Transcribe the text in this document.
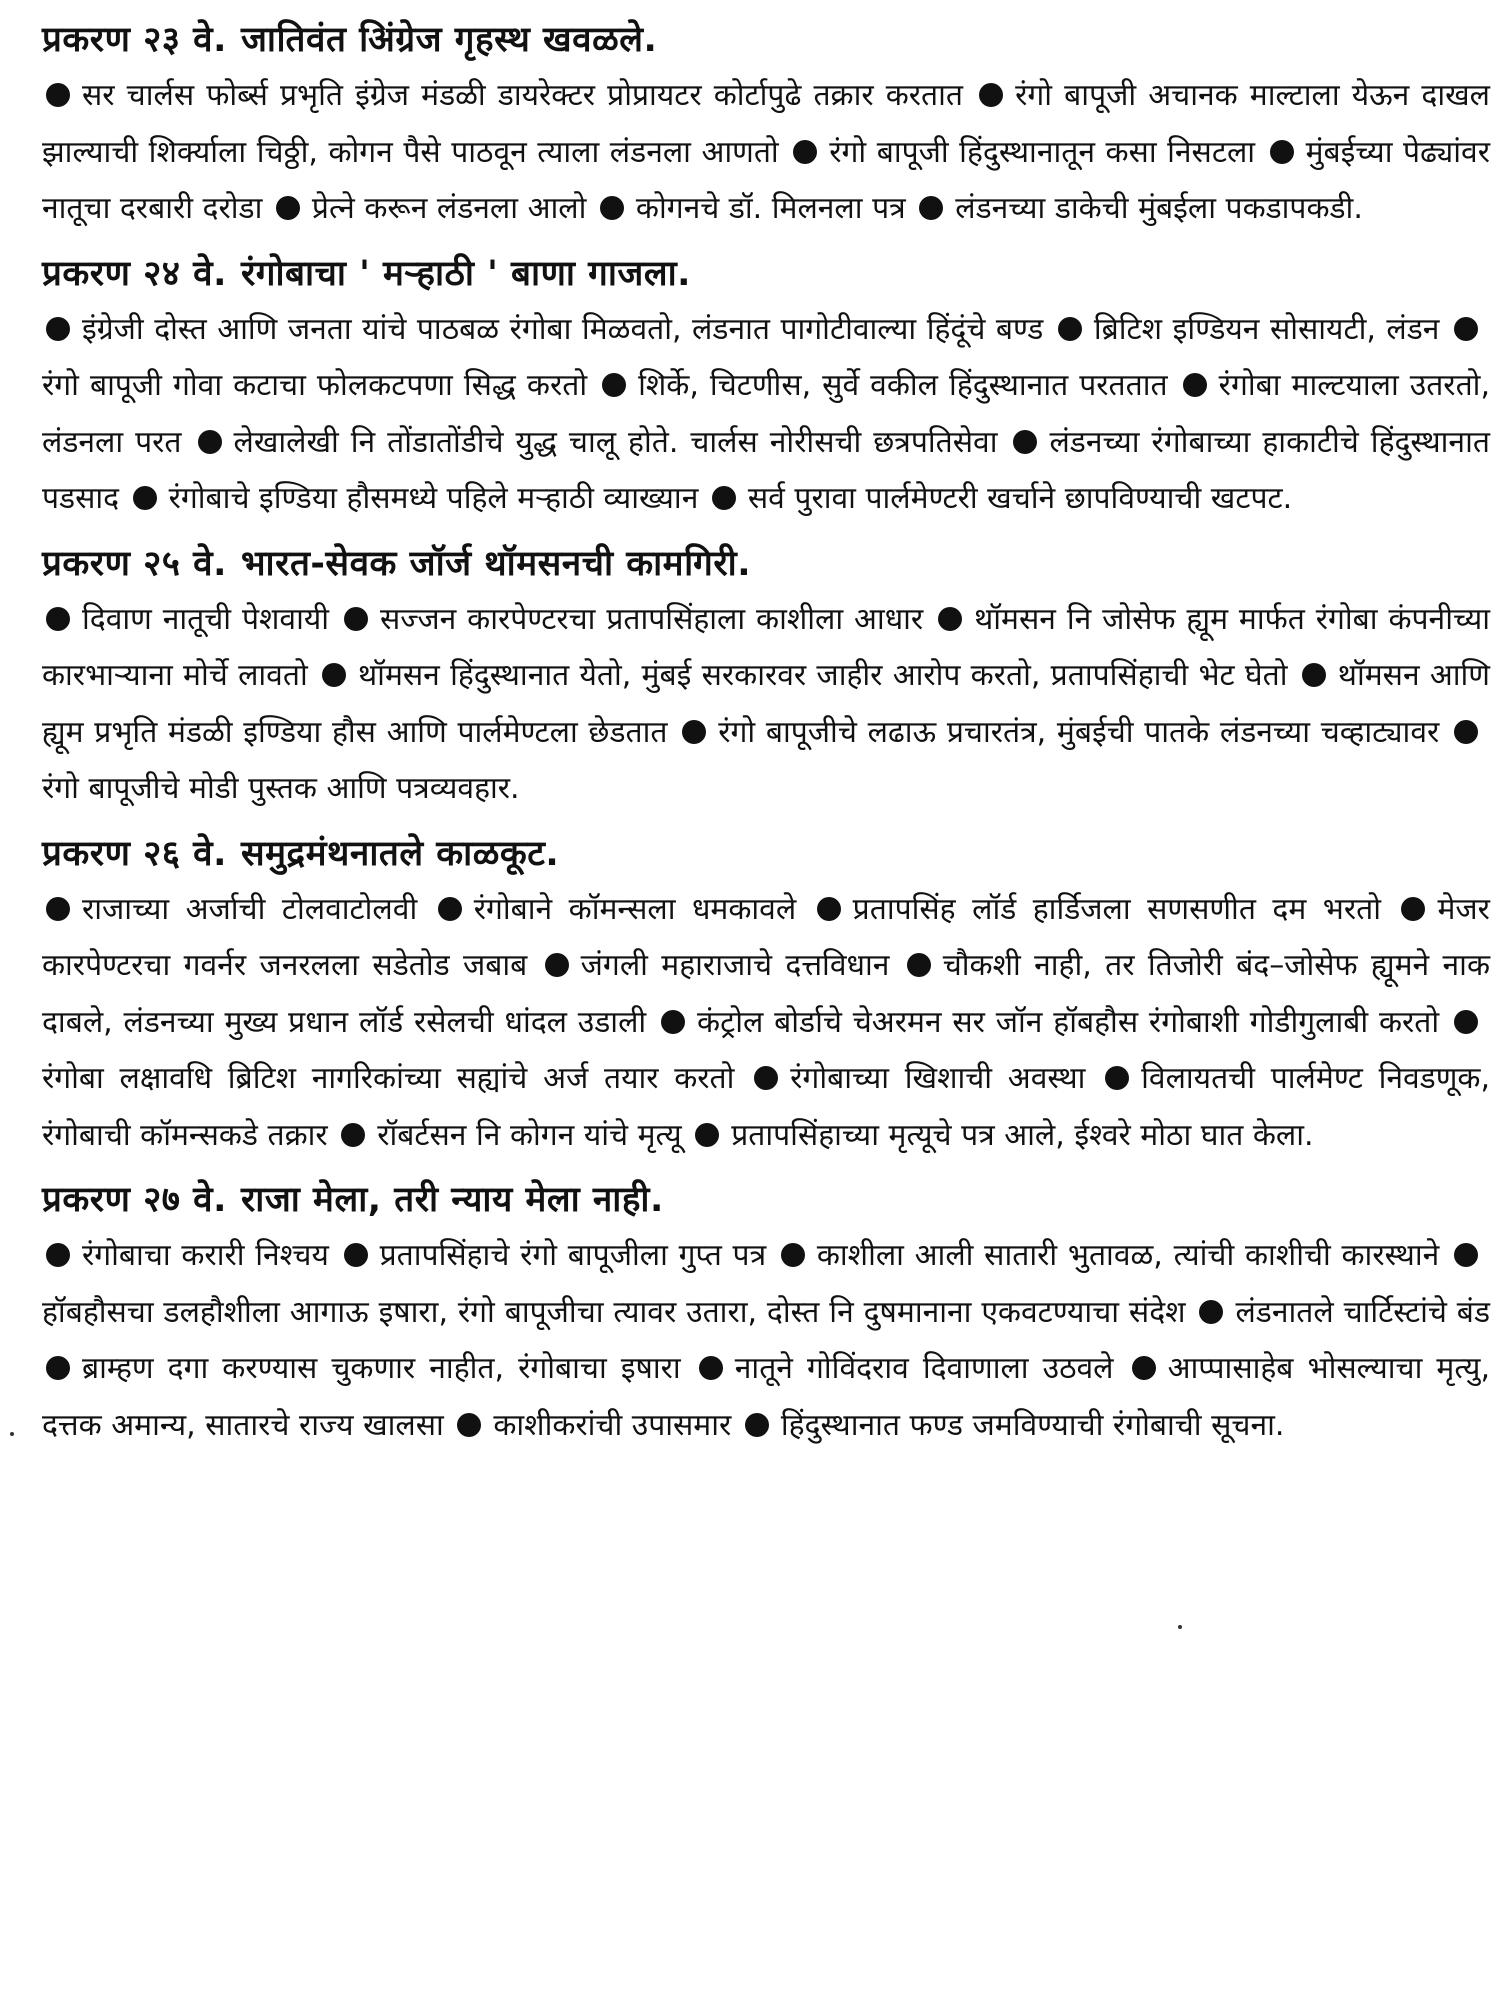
प्रकरण २३ वे. जातिवंत अिंग्रेज गृहस्थ खवळले.

सर चार्लस फोर्ब्स प्रभृति इंग्रेज मंडळी डायरेक्टर प्रोप्रायटर कोर्टापुढे तक्रार करतात रंगो बापूजी अचानक माल्टाला येऊन दाखल झाल्याची शिर्क्याला चिठ्ठी, कोगन पैसे पाठवून त्याला लंडनला आणतो रंगो बापूजी हिंदुस्थानातून कसा निसटला मुंबईच्या पेढ्यांवर नातूचा दरबारी दरोडा प्रेत्ने करून लंडनला आलो कोगनचे डॉ. मिलनला पत्र लंडनच्या डाकेची मुंबईला पकडापकडी.

प्रकरण २४ वे. रंगोबाचा ' मऱ्हाठी ' बाणा गाजला.

इंग्रेजी दोस्त आणि जनता यांचे पाठबळ रंगोबा मिळवतो, लंडनात पागोटीवाल्या हिंदूंचे बण्ड ब्रिटिश इण्डियन सोसायटी, लंडन रंगो बापूजी गोवा कटाचा फोलकटपणा सिद्ध करतो शिर्के, चिटणीस, सुर्वे वकील हिंदुस्थानात परततात रंगोबा माल्टयाला उतरतो, लंडनला परत लेखालेखी नि तोंडातोंडीचे युद्ध चालू होते. चार्लस नोरीसची छत्रपतिसेवा लंडनच्या रंगोबाच्या हाकाटीचे हिंदुस्थानात पडसाद रंगोबाचे इण्डिया हौसमध्ये पहिले मऱ्हाठी व्याख्यान सर्व पुरावा पार्लमेण्टरी खर्चाने छापविण्याची खटपट.

प्रकरण २५ वे. भारत-सेवक जॉर्ज थॉमसनची कामगिरी.

दिवाण नातूची पेशवायी सज्जन कारपेण्टरचा प्रतापसिंहाला काशीला आधार थॉमसन नि जोसेफ ह्यूम मार्फत रंगोबा कंपनीच्या कारभाऱ्याना मोर्चे लावतो थॉमसन हिंदुस्थानात येतो, मुंबई सरकारवर जाहीर आरोप करतो, प्रतापसिंहाची भेट घेतो थॉमसन आणि ह्यूम प्रभृति मंडळी इण्डिया हौस आणि पार्लमेण्टला छेडतात रंगो बापूजीचे लढाऊ प्रचारतंत्र, मुंबईची पातके लंडनच्या चव्हाट्यावर रंगो बापूजीचे मोडी पुस्तक आणि पत्रव्यवहार.

प्रकरण २६ वे. समुद्रमंथनातले काळकूट.

राजाच्या अर्जाची टोलवाटोलवी रंगोबाने कॉमन्सला धमकावले प्रतापसिंह लॉर्ड हार्डिजला सणसणीत दम भरतो मेजर कारपेण्टरचा गवर्नर जनरलला सडेतोड जबाब जंगली महाराजाचे दत्तविधान चौकशी नाही, तर तिजोरी बंद–जोसेफ ह्यूमने नाक दाबले, लंडनच्या मुख्य प्रधान लॉर्ड रसेलची धांदल उडाली कंट्रोल बोर्डाचे चेअरमन सर जॉन हॉबहौस रंगोबाशी गोडीगुलाबी करतो रंगोबा लक्षावधि ब्रिटिश नागरिकांच्या सह्यांचे अर्ज तयार करतो रंगोबाच्या खिशाची अवस्था विलायतची पार्लमेण्ट निवडणूक, रंगोबाची कॉमन्सकडे तक्रार रॉबर्टसन नि कोगन यांचे मृत्यू प्रतापसिंहाच्या मृत्यूचे पत्र आले, ईश्वरे मोठा घात केला.

प्रकरण २७ वे. राजा मेला, तरी न्याय मेला नाही.

रंगोबाचा करारी निश्चय प्रतापसिंहाचे रंगो बापूजीला गुप्त पत्र काशीला आली सातारी भुतावळ, त्यांची काशीची कारस्थाने हॉबहौसचा डलहौशीला आगाऊ इषारा, रंगो बापूजीचा त्यावर उतारा, दोस्त नि दुषमानाना एकवटण्याचा संदेश लंडनातले चार्टिस्टांचे बंड ब्राम्हण दगा करण्यास चुकणार नाहीत, रंगोबाचा इषारा नातूने गोविंदराव दिवाणाला उठवले आप्पासाहेब भोसल्याचा मृत्यु, दत्तक अमान्य, सातारचे राज्य खालसा काशीकरांची उपासमार हिंदुस्थानात फण्ड जमविण्याची रंगोबाची सूचना.
